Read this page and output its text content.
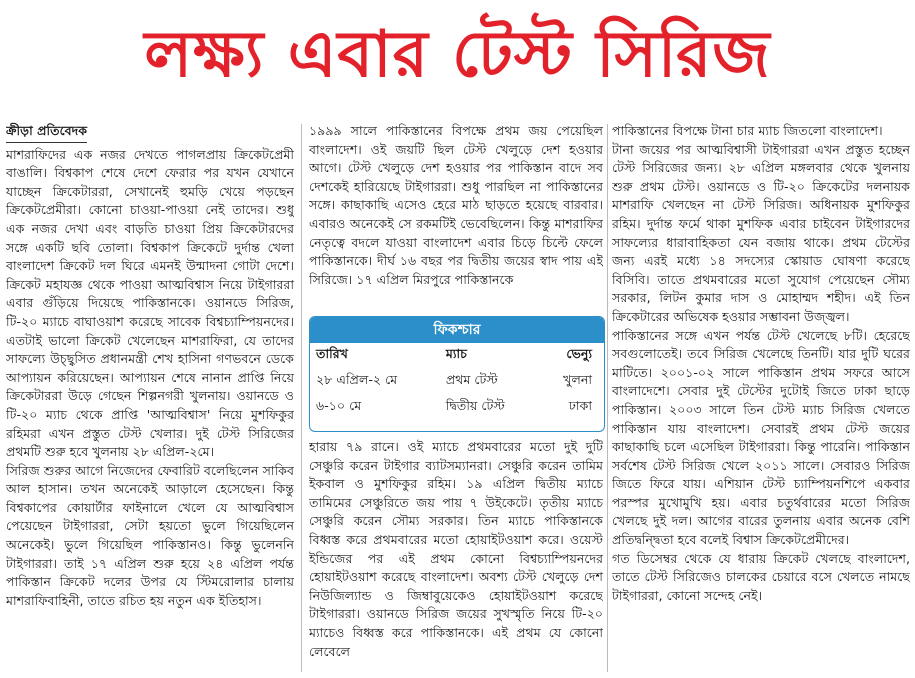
লক্ষ্য এবার টেস্ট সিরিজ
ক্রীড়া প্রতিবেদক

মাশরাফিদের এক নজর দেখতে পাগলপ্রায় ক্রিকেটপ্রেমী বাঙালি। বিশ্বকাপ শেষে দেশে ফেরার পর যখন যেখানে যাচ্ছেন ক্রিকেটাররা, সেখানেই হুমড়ি খেয়ে পড়ছেন ক্রিকেটপ্রেমীরা। কোনো চাওয়া-পাওয়া নেই তাদের। শুধু এক নজর দেখা এবং বাড়তি চাওয়া প্রিয় ক্রিকেটারদের সঙ্গে একটি ছবি তোলা। বিশ্বকাপ ক্রিকেটে দুর্দান্ত খেলা বাংলাদেশ ক্রিকেট দল ঘিরে এমনই উন্মাদনা গোটা দেশে। ক্রিকেট মহাযজ্ঞ থেকে পাওয়া আত্মবিশ্বাস নিয়ে টাইগাররা এবার গুঁড়িয়ে দিয়েছে পাকিস্তানকে। ওয়ানডে সিরিজ, টি-২০ ম্যাচে বাঘাওয়াশ করেছে সাবেক বিশ্বচ্যাম্পিয়নদের। এতটাই ভালো ক্রিকেট খেলেছেন মাশরাফিরা, যে তাদের সাফল্যে উচ্ছ্বসিত প্রধানমন্ত্রী শেখ হাসিনা গণভবনে ডেকে আপ্যায়ন করিয়েছেন। আপ্যায়ন শেষে নানান প্রাপ্তি নিয়ে ক্রিকেটাররা উড়ে গেছেন শিল্পনগরী খুলনায়। ওয়ানডে ও টি-২০ ম্যাচ থেকে প্রাপ্তি 'আত্মবিশ্বাস' নিয়ে মুশফিকুর রহিমরা এখন প্রস্তুত টেস্ট খেলার। দুই টেস্ট সিরিজের প্রথমটি শুরু হবে খুলনায় ২৮ এপ্রিল-২মে।

সিরিজ শুরুর আগে নিজেদের ফেবারিট বলেছিলেন সাকিব আল হাসান। তখন অনেকেই আড়ালে হেসেছেন। কিন্তু বিশ্বকাপের কোয়ার্টার ফাইনালে খেলে যে আত্মবিশ্বাস পেয়েছেন টাইগাররা, সেটা হয়তো ভুলে গিয়েছিলেন অনেকেই। ভুলে গিয়েছিল পাকিস্তানও। কিন্তু ভুলেননি টাইগাররা। তাই ১৭ এপ্রিল শুরু হয়ে ২৪ এপ্রিল পর্যন্ত পাকিস্তান ক্রিকেট দলের উপর যে স্টিমরোলার চালায় মাশরাফিবাহিনী, তাতে রচিত হয় নতুন এক ইতিহাস।

১৯৯৯ সালে পাকিস্তানের বিপক্ষে প্রথম জয় পেয়েছিল বাংলাদেশ। ওই জয়টি ছিল টেস্ট খেলুড়ে দেশ হওয়ার আগে। টেস্ট খেলুড়ে দেশ হওয়ার পর পাকিস্তান বাদে সব দেশকেই হারিয়েছে টাইগাররা। শুধু পারছিল না পাকিস্তানের সঙ্গে। কাছাকাছি এসেও হেরে মাঠ ছাড়তে হয়েছে বারবার। এবারও অনেকেই সে রকমটিই ভেবেছিলেন। কিন্তু মাশরাফির নেতৃত্বে বদলে যাওয়া বাংলাদেশ এবার চিড়ে চিল্টে ফেলে পাকিস্তানকে। দীর্ঘ ১৬ বছর পর দ্বিতীয় জয়ের স্বাদ পায় এই সিরিজে। ১৭ এপ্রিল মিরপুরে পাকিস্তানকে

ফিকশ্চার
তারিখ	ম্যাচ	ভেন্যু
২৮ এপ্রিল-২ মে	প্রথম টেস্ট	খুলনা
৬-১০ মে	দ্বিতীয় টেস্ট	ঢাকা

হারায় ৭৯ রানে। ওই ম্যাচে প্রথমবারের মতো দুই দুটি সেঞ্চুরি করেন টাইগার ব্যাটসম্যানরা। সেঞ্চুরি করেন তামিম ইকবাল ও মুশফিকুর রহিম। ১৯ এপ্রিল দ্বিতীয় ম্যাচে তামিমের সেঞ্চুরিতে জয় পায় ৭ উইকেটে। তৃতীয় ম্যাচে সেঞ্চুরি করেন সৌম্য সরকার। তিন ম্যাচে পাকিস্তানকে বিধ্বস্ত করে প্রথমবারের মতো হোয়াইটওয়াশ করে। ওয়েস্ট ইন্ডিজের পর এই প্রথম কোনো বিশ্বচ্যাম্পিয়নদের হোয়াইটওয়াশ করেছে বাংলাদেশ। অবশ্য টেস্ট খেলুড়ে দেশ নিউজিল্যান্ড ও জিম্বাবুয়েকেও হোয়াইটওয়াশ করেছে টাইগাররা। ওয়ানডে সিরিজ জয়ের সুখস্মৃতি নিয়ে টি-২০ ম্যাচেও বিধ্বস্ত করে পাকিস্তানকে। এই প্রথম যে কোনো লেবেলে

পাকিস্তানের বিপক্ষে টানা চার ম্যাচ জিতলো বাংলাদেশ।

টানা জয়ের পর আত্মবিশ্বাসী টাইগাররা এখন প্রস্তুত হচ্ছেন টেস্ট সিরিজের জন্য। ২৮ এপ্রিল মঙ্গলবার থেকে খুলনায় শুরু প্রথম টেস্ট। ওয়ানডে ও টি-২০ ক্রিকেটের দলনায়ক মাশরাফি খেলছেন না টেস্ট সিরিজ। অধিনায়ক মুশফিকুর রহিম। দুর্দান্ত ফর্মে থাকা মুশফিক এবার চাইবেন টাইগারদের সাফল্যের ধারাবাহিকতা যেন বজায় থাকে। প্রথম টেস্টের জন্য এরই মধ্যে ১৪ সদস্যের স্কোয়াড ঘোষণা করেছে বিসিবি। তাতে প্রথমবারের মতো সুযোগ পেয়েছেন সৌম্য সরকার, লিটন কুমার দাস ও মোহাম্মদ শহীদ। এই তিন ক্রিকেটারের অভিষেক হওয়ার সম্ভাবনা উজ্জ্বল।

পাকিস্তানের সঙ্গে এখন পর্যন্ত টেস্ট খেলেছে ৮টি। হেরেছে সবগুলোতেই। তবে সিরিজ খেলেছে তিনটি। যার দুটি ঘরের মাটিতে। ২০০১-০২ সালে পাকিস্তান প্রথম সফরে আসে বাংলাদেশে। সেবার দুই টেস্টের দুটোই জিতে ঢাকা ছাড়ে পাকিস্তান। ২০০৩ সালে তিন টেস্ট ম্যাচ সিরিজ খেলতে পাকিস্তান যায় বাংলাদেশ। সেবারই প্রথম টেস্ট জয়ের কাছাকাছি চলে এসেছিল টাইগাররা। কিন্তু পারেনি। পাকিস্তান সর্বশেষ টেস্ট সিরিজ খেলে ২০১১ সালে। সেবারও সিরিজ জিতে ফিরে যায়। এশিয়ান টেস্ট চ্যাম্পিয়নশিপে একবার পরস্পর মুখোমুখি হয়। এবার চতুর্থবারের মতো সিরিজ খেলছে দুই দল। আগের বারের তুলনায় এবার অনেক বেশি প্রতিদ্বন্দ্বিতা হবে বলেই বিশ্বাস ক্রিকেটপ্রেমীদের।

গত ডিসেম্বর থেকে যে ধারায় ক্রিকেট খেলছে বাংলাদেশ, তাতে টেস্ট সিরিজেও চালকের চেয়ারে বসে খেলতে নামছে টাইগাররা, কোনো সন্দেহ নেই।
